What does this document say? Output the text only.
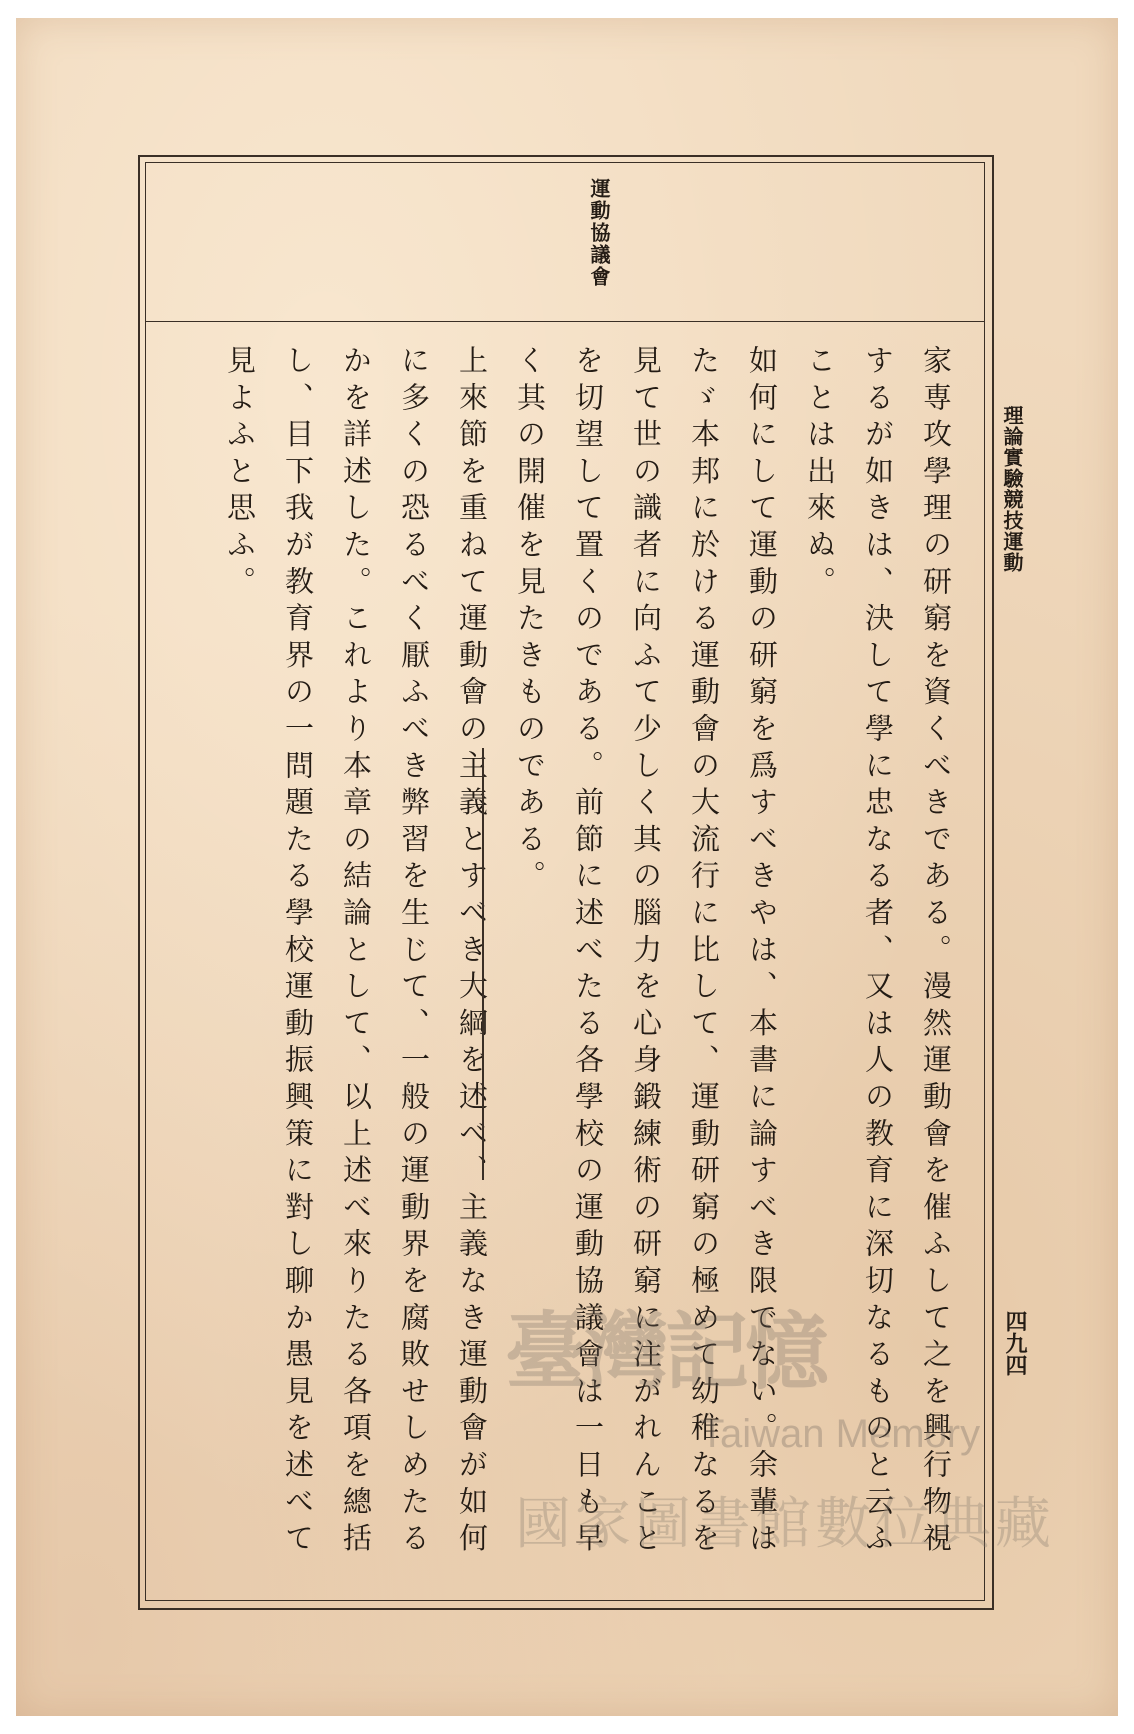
運動協議會
理論實驗競技運動
四九四
家専攻學理の研窮を資くべきである。漫然運動會を催ふして之を興行物視するが如きは、決して學に忠なる者、又は人の教育に深切なるものと云ふことは出來ぬ。
如何にして運動の研窮を爲すべきやは、本書に論すべき限でない。余輩はたゞ本邦に於ける運動會の大流行に比して、運動研窮の極めて幼稚なるを見て世の識者に向ふて少しく其の腦力を心身鍛練術の研窮に注がれんことを切望して置くのである。前節に述べたる各學校の運動協議會は一日も早く其の開催を見たきものである。
上來節を重ねて運動會の主義とすべき大綱を述べ、主義なき運動會が如何に多くの恐るべく厭ふべき弊習を生じて、一般の運動界を腐敗せしめたるかを詳述した。これより本章の結論として、以上述べ來りたる各項を總括し、目下我が教育界の一問題たる學校運動振興策に對し聊か愚見を述べて見よふと思ふ。
臺灣記憶
Taiwan Memory
國家圖書館數位典藏
